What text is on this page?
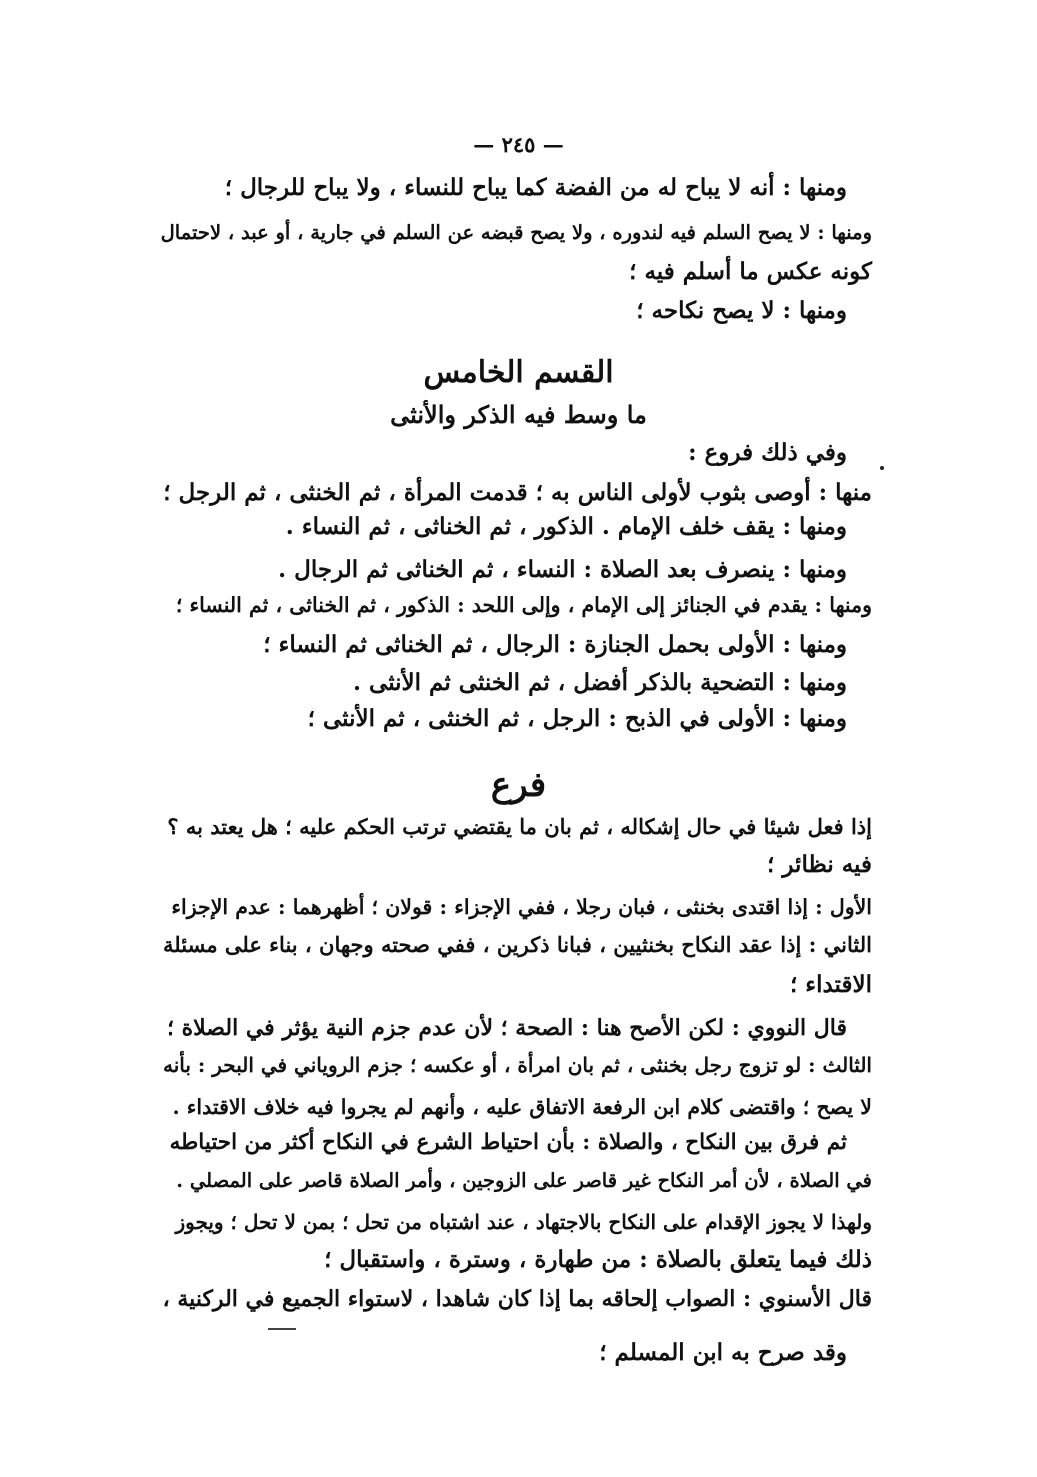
— ٢٤٥ —
ومنها : أنه لا يباح له من الفضة كما يباح للنساء ، ولا يباح للرجال ؛
ومنها : لا يصح السلم فيه لندوره ، ولا يصح قبضه عن السلم في جارية ، أو عبد ، لاحتمال
كونه عكس ما أسلم فيه ؛
ومنها : لا يصح نكاحه ؛
القسم الخامس
ما وسط فيه الذكر والأنثى
وفي ذلك فروع :
منها : أوصى بثوب لأولى الناس به ؛ قدمت المرأة ، ثم الخنثى ، ثم الرجل ؛
ومنها : يقف خلف الإمام . الذكور ، ثم الخناثى ، ثم النساء .
ومنها : ينصرف بعد الصلاة : النساء ، ثم الخناثى ثم الرجال .
ومنها : يقدم في الجنائز إلى الإمام ، وإلى اللحد : الذكور ، ثم الخناثى ، ثم النساء ؛
ومنها : الأولى بحمل الجنازة : الرجال ، ثم الخناثى ثم النساء ؛
ومنها : التضحية بالذكر أفضل ، ثم الخنثى ثم الأنثى .
ومنها : الأولى في الذبح : الرجل ، ثم الخنثى ، ثم الأنثى ؛
فرع
إذا فعل شيئا في حال إشكاله ، ثم بان ما يقتضي ترتب الحكم عليه ؛ هل يعتد به ؟
فيه نظائر ؛
الأول : إذا اقتدى بخنثى ، فبان رجلا ، ففي الإجزاء : قولان ؛ أظهرهما : عدم الإجزاء
الثاني : إذا عقد النكاح بخنثيين ، فبانا ذكرين ، ففي صحته وجهان ، بناء على مسئلة
الاقتداء ؛
قال النووي : لكن الأصح هنا : الصحة ؛ لأن عدم جزم النية يؤثر في الصلاة ؛
الثالث : لو تزوج رجل بخنثى ، ثم بان امرأة ، أو عكسه ؛ جزم الروياني في البحر : بأنه
لا يصح ؛ واقتضى كلام ابن الرفعة الاتفاق عليه ، وأنهم لم يجروا فيه خلاف الاقتداء .
ثم فرق بين النكاح ، والصلاة : بأن احتياط الشرع في النكاح أكثر من احتياطه
في الصلاة ، لأن أمر النكاح غير قاصر على الزوجين ، وأمر الصلاة قاصر على المصلي .
ولهذا لا يجوز الإقدام على النكاح بالاجتهاد ، عند اشتباه من تحل ؛ بمن لا تحل ؛ ويجوز
ذلك فيما يتعلق بالصلاة : من طهارة ، وسترة ، واستقبال ؛
قال الأسنوي : الصواب إلحاقه بما إذا كان شاهدا ، لاستواء الجميع في الركنية ،
وقد صرح به ابن المسلم ؛
